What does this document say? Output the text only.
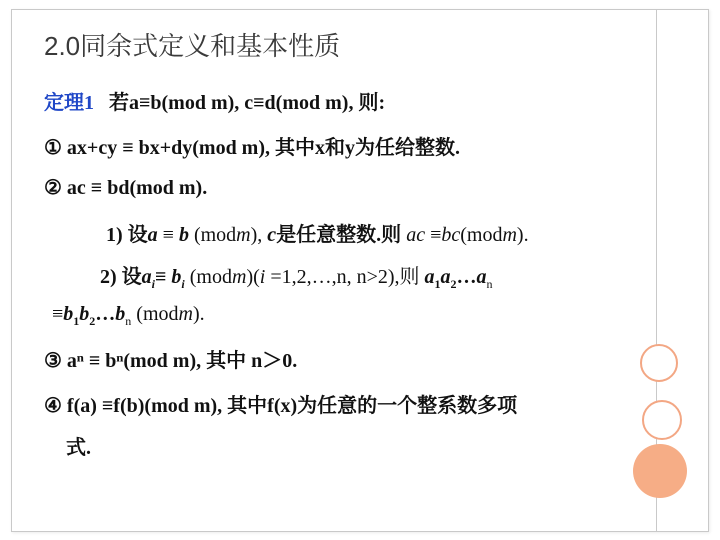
2.0同余式定义和基本性质
定理1 若a≡b(mod m), c≡d(mod m), 则:
① ax+cy ≡ bx+dy(mod m), 其中x和y为任给整数.
② ac ≡ bd(mod m).
1) 设a ≡ b (modm), c是任意整数.则 ac ≡bc(modm).
2) 设$a_i\equiv b_i$ (modm)(i =1,2,…,n, n>2),则 $a_1a_2\dots a_n$
$\equiv b_1b_2\dots b_n$ (modm).
③ aⁿ ≡ bⁿ(mod m), 其中 n＞0.
④ f(a) ≡f(b)(mod m), 其中f(x)为任意的一个整系数多项
式.
